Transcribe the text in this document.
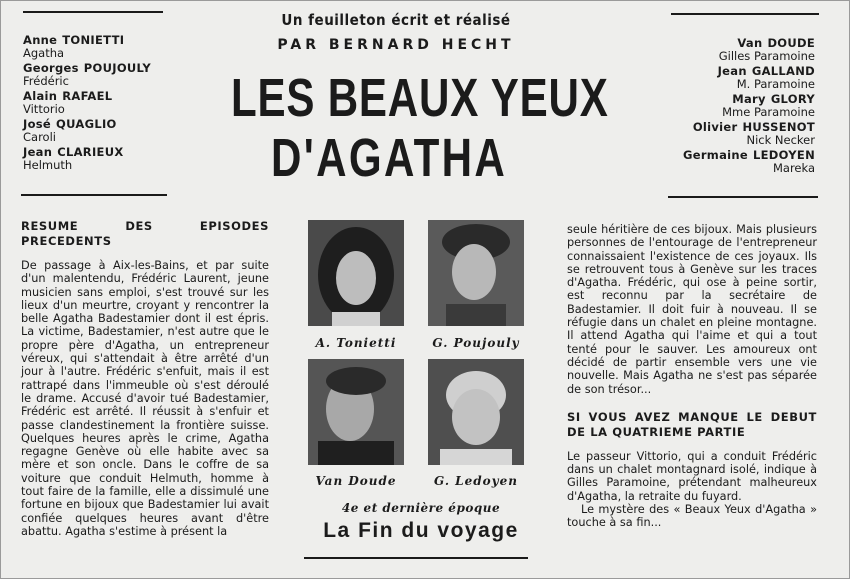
Anne TONIETTI
Agatha
Georges POUJOULY
Frédéric
Alain RAFAEL
Vittorio
José QUAGLIO
Caroli
Jean CLARIEUX
Helmuth
Van DOUDE
Gilles Paramoine
Jean GALLAND
M. Paramoine
Mary GLORY
Mme Paramoine
Olivier HUSSENOT
Nick Necker
Germaine LEDOYEN
Mareka
Un feuilleton écrit et réalisé
PAR BERNARD HECHT
LES BEAUX YEUX
D'AGATHA
RESUME DES EPISODES PRECEDENTS

De passage à Aix-les-Bains, et par suite d'un malentendu, Frédéric Laurent, jeune musicien sans emploi, s'est trouvé sur les lieux d'un meurtre, croyant y rencontrer la belle Agatha Badestamier dont il est épris. La victime, Badestamier, n'est autre que le propre père d'Agatha, un entrepreneur véreux, qui s'attendait à être arrêté d'un jour à l'autre. Frédéric s'enfuit, mais il est rattrapé dans l'immeuble où s'est déroulé le drame. Accusé d'avoir tué Badestamier, Frédéric est arrêté. Il réussit à s'enfuir et passe clandestinement la frontière suisse. Quelques heures après le crime, Agatha regagne Genève où elle habite avec sa mère et son oncle. Dans le coffre de sa voiture que conduit Helmuth, homme à tout faire de la famille, elle a dissimulé une fortune en bijoux que Badestamier lui avait confiée quelques heures avant d'être abattu. Agatha s'estime à présent la

A. Tonietti	G. Poujouly
Van Doude	G. Ledoyen
4e et dernière époque
La Fin du voyage

seule héritière de ces bijoux. Mais plusieurs personnes de l'entourage de l'entrepreneur connaissaient l'existence de ces joyaux. Ils se retrouvent tous à Genève sur les traces d'Agatha. Frédéric, qui ose à peine sortir, est reconnu par la secrétaire de Badestamier. Il doit fuir à nouveau. Il se réfugie dans un chalet en pleine montagne. Il attend Agatha qui l'aime et qui a tout tenté pour le sauver. Les amoureux ont décidé de partir ensemble vers une vie nouvelle. Mais Agatha ne s'est pas séparée de son trésor...

SI VOUS AVEZ MANQUE LE DEBUT DE LA QUATRIEME PARTIE

Le passeur Vittorio, qui a conduit Frédéric dans un chalet montagnard isolé, indique à Gilles Paramoine, prétendant malheureux d'Agatha, la retraite du fuyard.

Le mystère des « Beaux Yeux d'Agatha » touche à sa fin...
